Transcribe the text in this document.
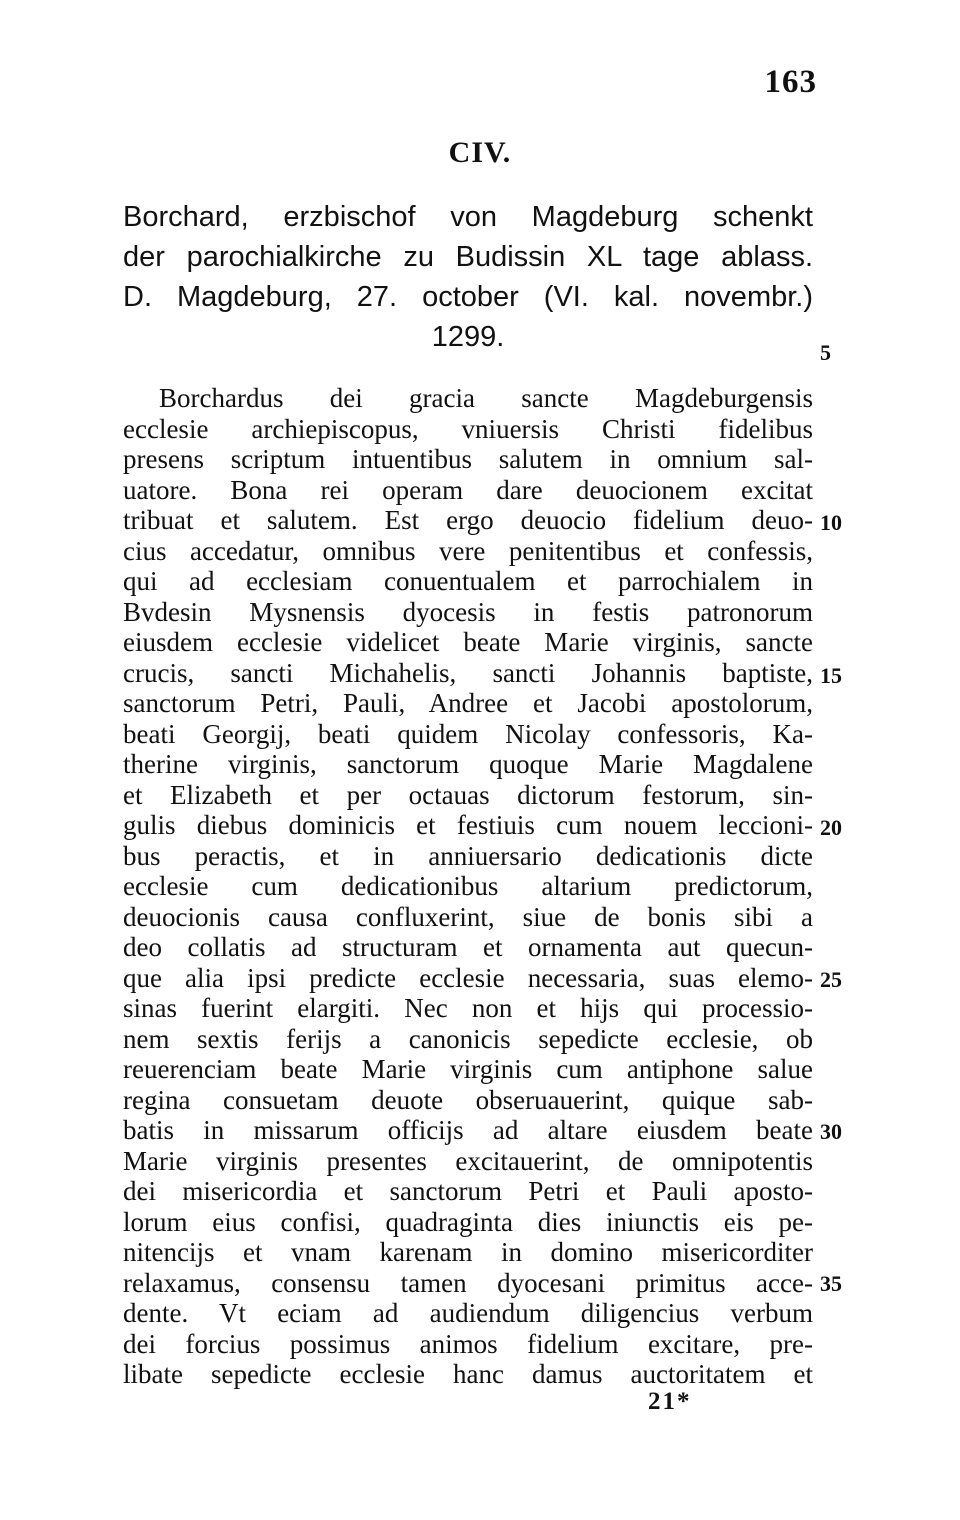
163
CIV.
Borchard, erzbischof von Magdeburg schenkt
der parochialkirche zu Budissin XL tage ablass.
D. Magdeburg, 27. october (VI. kal. novembr.)
1299.	5
10
15
20
25
30
35
Borchardus dei gracia sancte Magdeburgensis
ecclesie archiepiscopus, vniuersis Christi fidelibus
presens scriptum intuentibus salutem in omnium sal-
uatore. Bona rei operam dare deuocionem excitat
tribuat et salutem. Est ergo deuocio fidelium deuo-
cius accedatur, omnibus vere penitentibus et confessis,
qui ad ecclesiam conuentualem et parrochialem in
Bvdesin Mysnensis dyocesis in festis patronorum
eiusdem ecclesie videlicet beate Marie virginis, sancte
crucis, sancti Michahelis, sancti Johannis baptiste,
sanctorum Petri, Pauli, Andree et Jacobi apostolorum,
beati Georgij, beati quidem Nicolay confessoris, Ka-
therine virginis, sanctorum quoque Marie Magdalene
et Elizabeth et per octauas dictorum festorum, sin-
gulis diebus dominicis et festiuis cum nouem leccioni-
bus peractis, et in anniuersario dedicationis dicte
ecclesie cum dedicationibus altarium predictorum,
deuocionis causa confluxerint, siue de bonis sibi a
deo collatis ad structuram et ornamenta aut quecun-
que alia ipsi predicte ecclesie necessaria, suas elemo-
sinas fuerint elargiti. Nec non et hijs qui processio-
nem sextis ferijs a canonicis sepedicte ecclesie, ob
reuerenciam beate Marie virginis cum antiphone salue
regina consuetam deuote obseruauerint, quique sab-
batis in missarum officijs ad altare eiusdem beate
Marie virginis presentes excitauerint, de omnipotentis
dei misericordia et sanctorum Petri et Pauli aposto-
lorum eius confisi, quadraginta dies iniunctis eis pe-
nitencijs et vnam karenam in domino misericorditer
relaxamus, consensu tamen dyocesani primitus acce-
dente. Vt eciam ad audiendum diligencius verbum
dei forcius possimus animos fidelium excitare, pre-
libate sepedicte ecclesie hanc damus auctoritatem et
21*
